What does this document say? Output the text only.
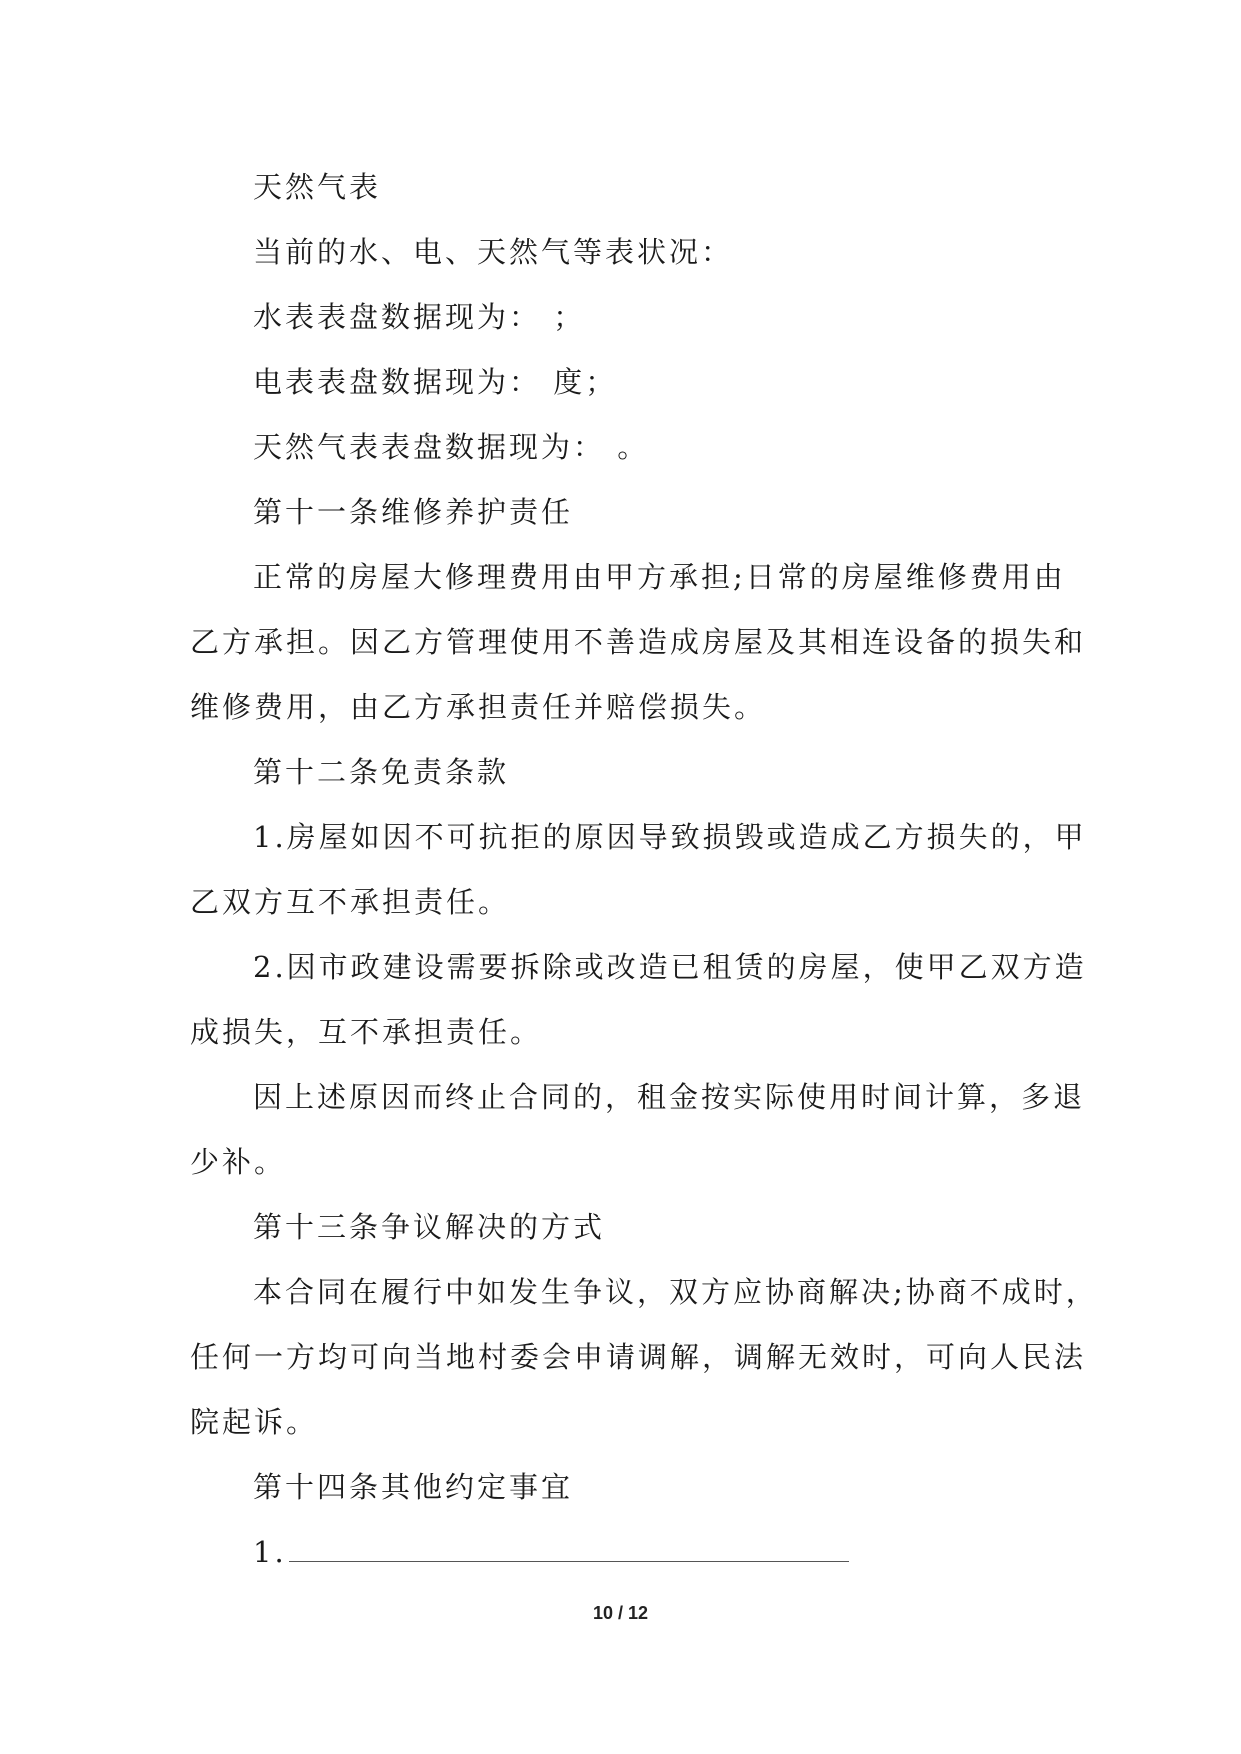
天然气表
当前的水、电、天然气等表状况：
水表表盘数据现为： ；
电表表盘数据现为： 度；
天然气表表盘数据现为： 。
第十一条维修养护责任
正常的房屋大修理费用由甲方承担;日常的房屋维修费用由
乙方承担。因乙方管理使用不善造成房屋及其相连设备的损失和
维修费用，由乙方承担责任并赔偿损失。
第十二条免责条款
1.房屋如因不可抗拒的原因导致损毁或造成乙方损失的，甲
乙双方互不承担责任。
2.因市政建设需要拆除或改造已租赁的房屋，使甲乙双方造
成损失，互不承担责任。
因上述原因而终止合同的，租金按实际使用时间计算，多退
少补。
第十三条争议解决的方式
本合同在履行中如发生争议，双方应协商解决;协商不成时，
任何一方均可向当地村委会申请调解，调解无效时，可向人民法
院起诉。
第十四条其他约定事宜
1.
10 / 12
